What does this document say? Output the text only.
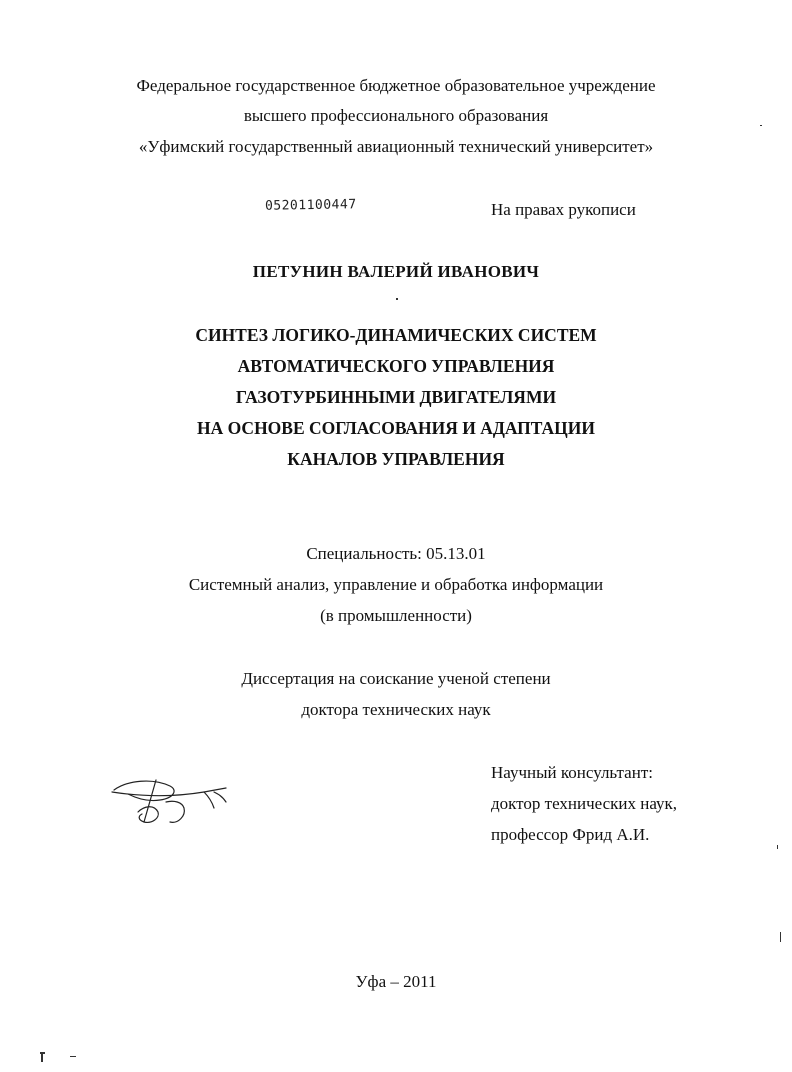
Федеральное государственное бюджетное образовательное учреждение
высшего профессионального образования
«Уфимский государственный авиационный технический университет»
05201100447	На правах рукописи
ПЕТУНИН ВАЛЕРИЙ ИВАНОВИЧ
СИНТЕЗ ЛОГИКО-ДИНАМИЧЕСКИХ СИСТЕМ
АВТОМАТИЧЕСКОГО УПРАВЛЕНИЯ
ГАЗОТУРБИННЫМИ ДВИГАТЕЛЯМИ
НА ОСНОВЕ СОГЛАСОВАНИЯ И АДАПТАЦИИ
КАНАЛОВ УПРАВЛЕНИЯ
Специальность: 05.13.01
Системный анализ, управление и обработка информации
(в промышленности)
Диссертация на соискание ученой степени
доктора технических наук
Научный консультант:
доктор технических наук,
профессор Фрид А.И.
Уфа – 2011
